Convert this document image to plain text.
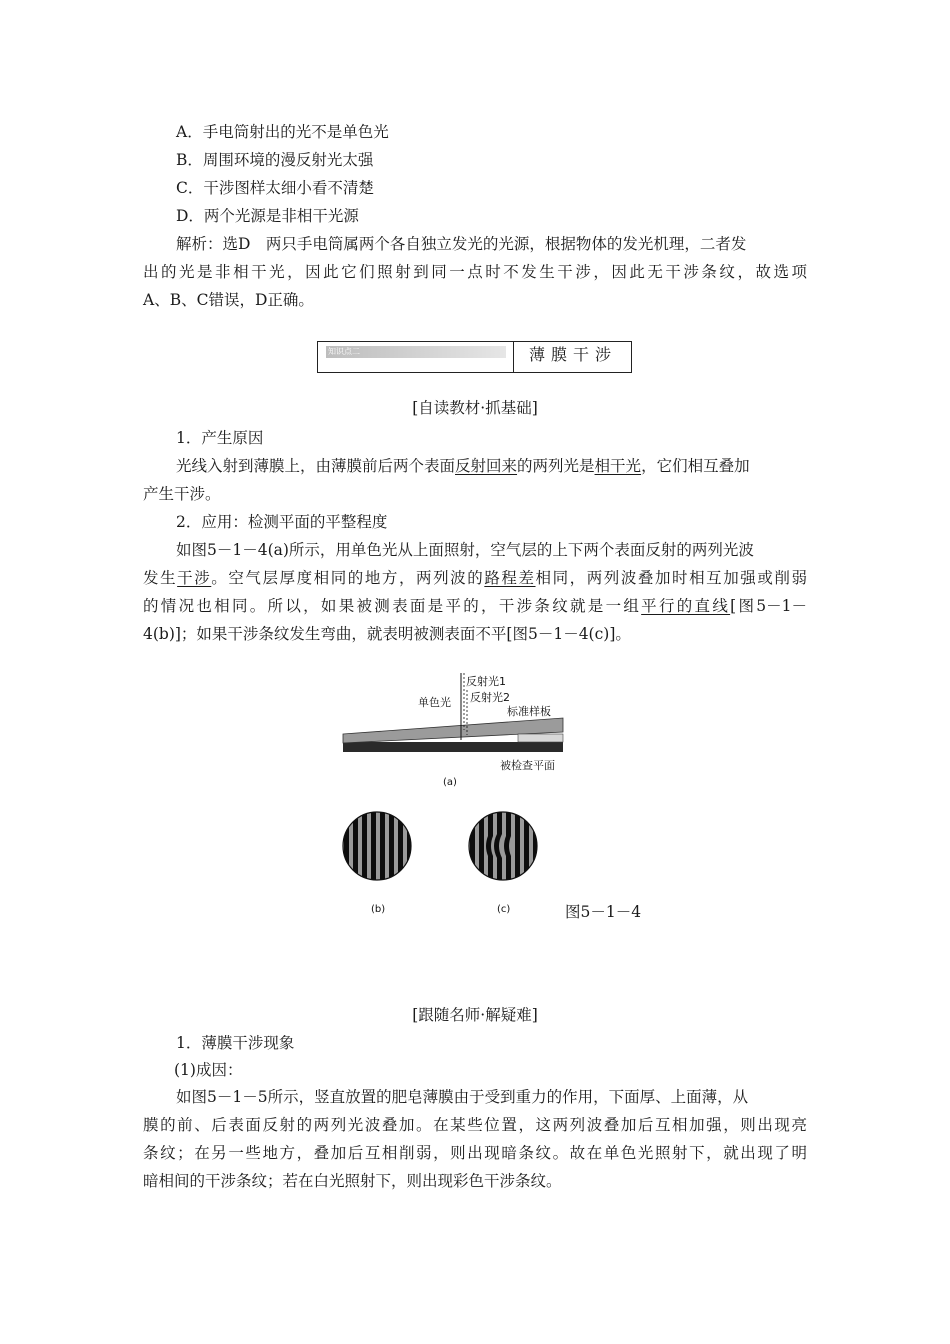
A．手电筒射出的光不是单色光
B．周围环境的漫反射光太强
C．干涉图样太细小看不清楚
D．两个光源是非相干光源
解析：选D　两只手电筒属两个各自独立发光的光源，根据物体的发光机理，二者发
出的光是非相干光，因此它们照射到同一点时不发生干涉，因此无干涉条纹，故选项
A、B、C错误，D正确。
知识点二	薄膜干涉
[自读教材·抓基础]
1．产生原因
光线入射到薄膜上，由薄膜前后两个表面反射回来的两列光是相干光，它们相互叠加
产生干涉。
2．应用：检测平面的平整程度
如图5－1－4(a)所示，用单色光从上面照射，空气层的上下两个表面反射的两列光波
发生干涉。空气层厚度相同的地方，两列波的路程差相同，两列波叠加时相互加强或削弱
的情况也相同。所以，如果被测表面是平的，干涉条纹就是一组平行的直线[图5－1－
4(b)]；如果干涉条纹发生弯曲，就表明被测表面不平[图5－1－4(c)]。
反射光1
反射光2
单色光
标准样板
被检查平面
(a)
(b)	(c)	图5－1－4
[跟随名师·解疑难]
1．薄膜干涉现象
(1)成因：
如图5－1－5所示，竖直放置的肥皂薄膜由于受到重力的作用，下面厚、上面薄，从
膜的前、后表面反射的两列光波叠加。在某些位置，这两列波叠加后互相加强，则出现亮
条纹；在另一些地方，叠加后互相削弱，则出现暗条纹。故在单色光照射下，就出现了明
暗相间的干涉条纹；若在白光照射下，则出现彩色干涉条纹。
